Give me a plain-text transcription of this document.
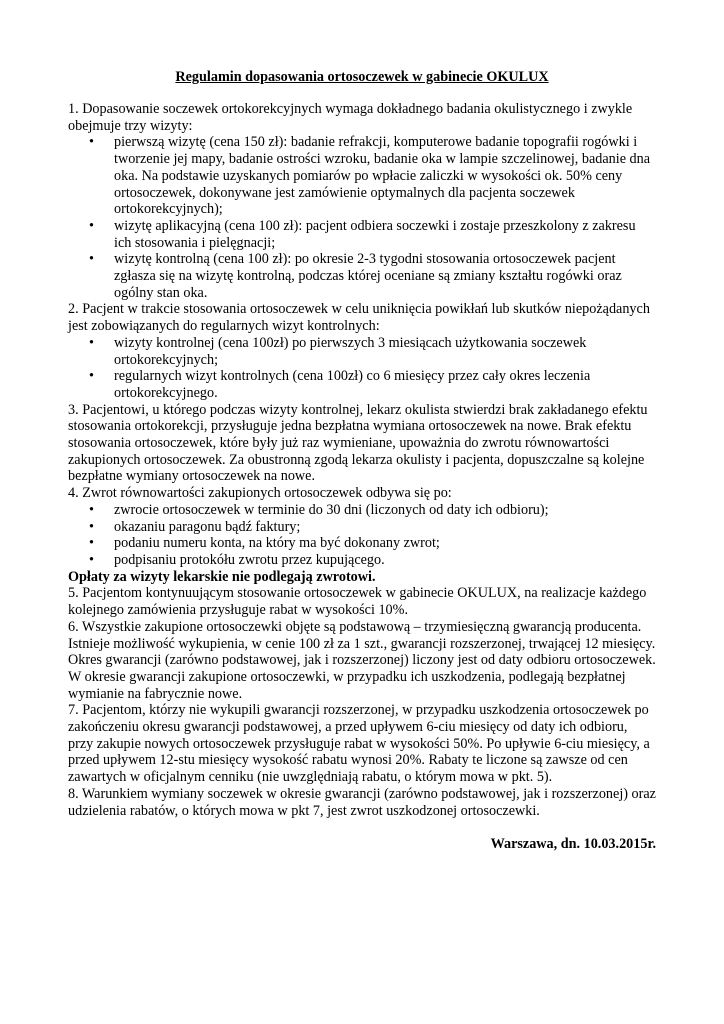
Regulamin dopasowania ortosoczewek w gabinecie OKULUX

1. Dopasowanie soczewek ortokorekcyjnych wymaga dokładnego badania okulistycznego i zwykle obejmuje trzy wizyty:

• pierwszą wizytę (cena 150 zł): badanie refrakcji, komputerowe badanie topografii rogówki i tworzenie jej mapy, badanie ostrości wzroku, badanie oka w lampie szczelinowej, badanie dna oka. Na podstawie uzyskanych pomiarów po wpłacie zaliczki w wysokości ok. 50% ceny ortosoczewek, dokonywane jest zamówienie optymalnych dla pacjenta soczewek ortokorekcyjnych);
• wizytę aplikacyjną (cena 100 zł): pacjent odbiera soczewki i zostaje przeszkolony z zakresu ich stosowania i pielęgnacji;
• wizytę kontrolną (cena 100 zł): po okresie 2-3 tygodni stosowania ortosoczewek pacjent zgłasza się na wizytę kontrolną, podczas której oceniane są zmiany kształtu rogówki oraz ogólny stan oka.

2. Pacjent w trakcie stosowania ortosoczewek w celu uniknięcia powikłań lub skutków niepożądanych jest zobowiązanych do regularnych wizyt kontrolnych:

• wizyty kontrolnej (cena 100zł) po pierwszych 3 miesiącach użytkowania soczewek ortokorekcyjnych;
• regularnych wizyt kontrolnych (cena 100zł) co 6 miesięcy przez cały okres leczenia ortokorekcyjnego.

3. Pacjentowi, u którego podczas wizyty kontrolnej, lekarz okulista stwierdzi brak zakładanego efektu stosowania ortokorekcji, przysługuje jedna bezpłatna wymiana ortosoczewek na nowe. Brak efektu stosowania ortosoczewek, które były już raz wymieniane, upoważnia do zwrotu równowartości zakupionych ortosoczewek. Za obustronną zgodą lekarza okulisty i pacjenta, dopuszczalne są kolejne bezpłatne wymiany ortosoczewek na nowe.

4. Zwrot równowartości zakupionych ortosoczewek odbywa się po:

• zwrocie ortosoczewek w terminie do 30 dni (liczonych od daty ich odbioru);
• okazaniu paragonu bądź faktury;
• podaniu numeru konta, na który ma być dokonany zwrot;
• podpisaniu protokółu zwrotu przez kupującego.

Opłaty za wizyty lekarskie nie podlegają zwrotowi.

5. Pacjentom kontynuującym stosowanie ortosoczewek w gabinecie OKULUX, na realizacje każdego kolejnego zamówienia przysługuje rabat w wysokości 10%.

6. Wszystkie zakupione ortosoczewki objęte są podstawową – trzymiesięczną gwarancją producenta. Istnieje możliwość wykupienia, w cenie 100 zł za 1 szt., gwarancji rozszerzonej, trwającej 12 miesięcy. Okres gwarancji (zarówno podstawowej, jak i rozszerzonej) liczony jest od daty odbioru ortosoczewek. W okresie gwarancji zakupione ortosoczewki, w przypadku ich uszkodzenia, podlegają bezpłatnej wymianie na fabrycznie nowe.

7. Pacjentom, którzy nie wykupili gwarancji rozszerzonej, w przypadku uszkodzenia ortosoczewek po zakończeniu okresu gwarancji podstawowej, a przed upływem 6-ciu miesięcy od daty ich odbioru, przy zakupie nowych ortosoczewek przysługuje rabat w wysokości 50%. Po upływie 6-ciu miesięcy, a przed upływem 12-stu miesięcy wysokość rabatu wynosi 20%. Rabaty te liczone są zawsze od cen zawartych w oficjalnym cenniku (nie uwzględniają rabatu, o którym mowa w pkt. 5).

8. Warunkiem wymiany soczewek w okresie gwarancji (zarówno podstawowej, jak i rozszerzonej) oraz udzielenia rabatów, o których mowa w pkt 7, jest zwrot uszkodzonej ortosoczewki.

Warszawa, dn. 10.03.2015r.
